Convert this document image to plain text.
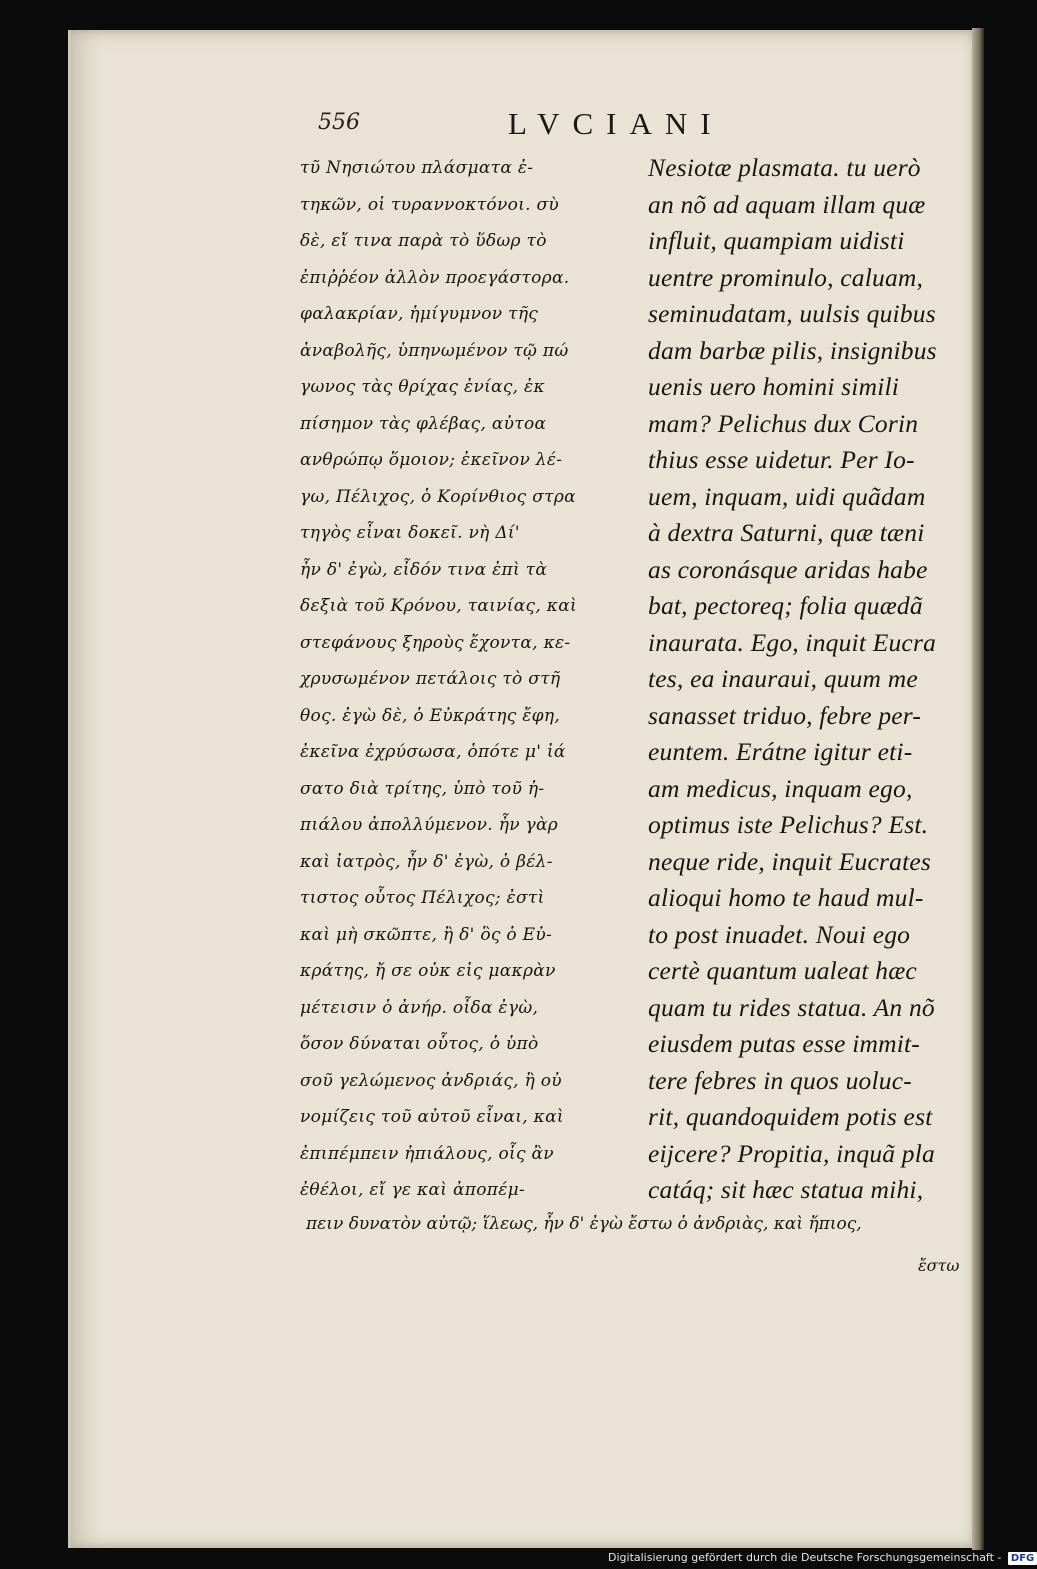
556	LVCIANI
τῦ Νησιώτου πλάσματα ἐ-
τηκῶν, οἱ τυραννοκτόνοι. σὺ
δὲ, εἴ τινα παρὰ τὸ ὕδωρ τὸ
ἐπιῤῥέον ἀλλὸν προεγάστορα.
φαλακρίαν, ἡμίγυμνον τῆς
ἀναβολῆς, ὑπηνωμένον τῷ πώ
γωνος τὰς θρίχας ἐνίας, ἐκ
πίσημον τὰς φλέβας, αὐτοα
ανθρώπῳ ὅμοιον; ἐκεῖνον λέ-
γω, Πέλιχος, ὁ Κορίνθιος στρα
τηγὸς εἶναι δοκεῖ. νὴ Δί'
ἦν δ' ἐγὼ, εἶδόν τινα ἐπὶ τὰ
δεξιὰ τοῦ Κρόνου, ταινίας, καὶ
στεφάνους ξηροὺς ἔχοντα, κε-
χρυσωμένον πετάλοις τὸ στῆ
θος. ἐγὼ δὲ, ὁ Εὐκράτης ἔφη,
ἐκεῖνα ἐχρύσωσα, ὁπότε μ' ἰά
σατο διὰ τρίτης, ὑπὸ τοῦ ἠ-
πιάλου ἀπολλύμενον. ἦν γὰρ
καὶ ἰατρὸς, ἦν δ' ἐγὼ, ὁ βέλ-
τιστος οὗτος Πέλιχος; ἐστὶ
καὶ μὴ σκῶπτε, ἢ δ' ὃς ὁ Εὐ-
κράτης, ἤ σε οὐκ εἰς μακρὰν
μέτεισιν ὁ ἀνήρ. οἶδα ἐγὼ,
ὅσον δύναται οὗτος, ὁ ὑπὸ
σοῦ γελώμενος ἀνδριάς, ἢ οὐ
νομίζεις τοῦ αὐτοῦ εἶναι, καὶ
ἐπιπέμπειν ἠπιάλους, οἷς ἂν
ἐθέλοι, εἴ γε καὶ ἀποπέμ-
Nesiotæ plasmata. tu uerò
an nõ ad aquam illam quæ
influit, quampiam uidisti
uentre prominulo, caluam,
seminudatam, uulsis quibus
dam barbæ pilis, insignibus
uenis uero homini simili
mam? Pelichus dux Corin
thius esse uidetur. Per Io-
uem, inquam, uidi quãdam
à dextra Saturni, quæ tæni
as coronásque aridas habe
bat, pectoreq; folia quædã
inaurata. Ego, inquit Eucra
tes, ea inauraui, quum me
sanasset triduo, febre per-
euntem. Erátne igitur eti-
am medicus, inquam ego,
optimus iste Pelichus? Est.
neque ride, inquit Eucrates
alioqui homo te haud mul-
to post inuadet. Noui ego
certè quantum ualeat hæc
quam tu rides statua. An nõ
eiusdem putas esse immit-
tere febres in quos uoluc-
rit, quandoquidem potis est
eijcere? Propitia, inquã pla
catáq; sit hæc statua mihi,
πειν δυνατὸν αὐτῷ; ἵλεως, ἦν δ' ἐγὼ ἔστω ὁ ἀνδριὰς, καὶ ἤπιος,
ἔστω
Digitalisierung gefördert durch die Deutsche Forschungsgemeinschaft - DFG
